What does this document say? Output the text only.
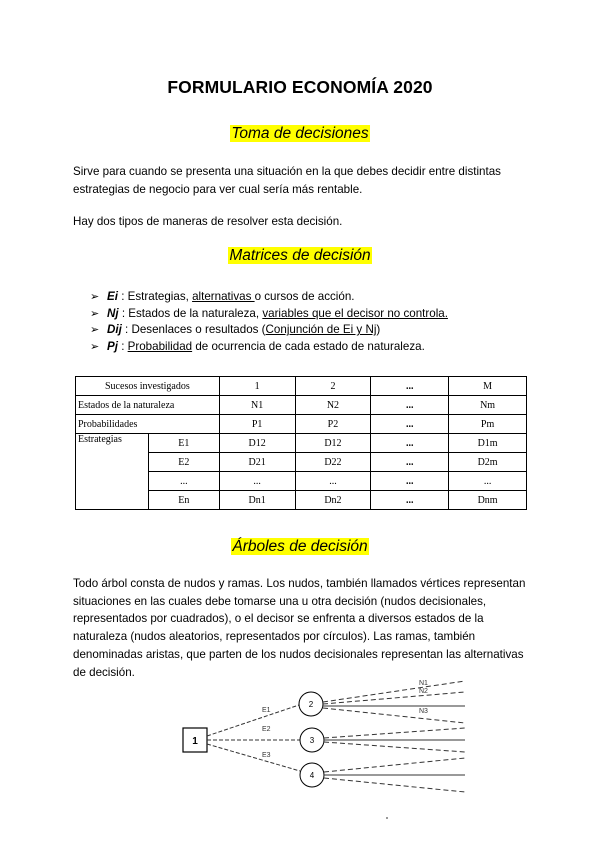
FORMULARIO ECONOMÍA 2020
Toma de decisiones
Sirve para cuando se presenta una situación en la que debes decidir entre distintas estrategias de negocio para ver cual sería más rentable.
Hay dos tipos de maneras de resolver esta decisión.
Matrices de decisión
➢ Ei : Estrategias, alternativas o cursos de acción.
➢ Nj : Estados de la naturaleza, variables que el decisor no controla.
➢ Dij : Desenlaces o resultados (Conjunción de Ei y Nj)
➢ Pj : Probabilidad de ocurrencia de cada estado de naturaleza.
Sucesos investigados		1	2	...	M
Estados de la naturaleza		N1	N2	...	Nm
Probabilidades		P1	P2	...	Pm
Estrategias	E1	D12	D12	...	D1m
	E2	D21	D22	...	D2m
	...	...	...	...	...
	En	Dn1	Dn2	...	Dnm
Árboles de decisión
Todo árbol consta de nudos y ramas. Los nudos, también llamados vértices representan situaciones en las cuales debe tomarse una u otra decisión (nudos decisionales, representados por cuadrados), o el decisor se enfrenta a diversos estados de la naturaleza (nudos aleatorios, representados por círculos). Las ramas, también denominadas aristas, que parten de los nudos decisionales representan las alternativas de decisión.
1
E1
E2
E3
2
3
4
N1
N2
N3
